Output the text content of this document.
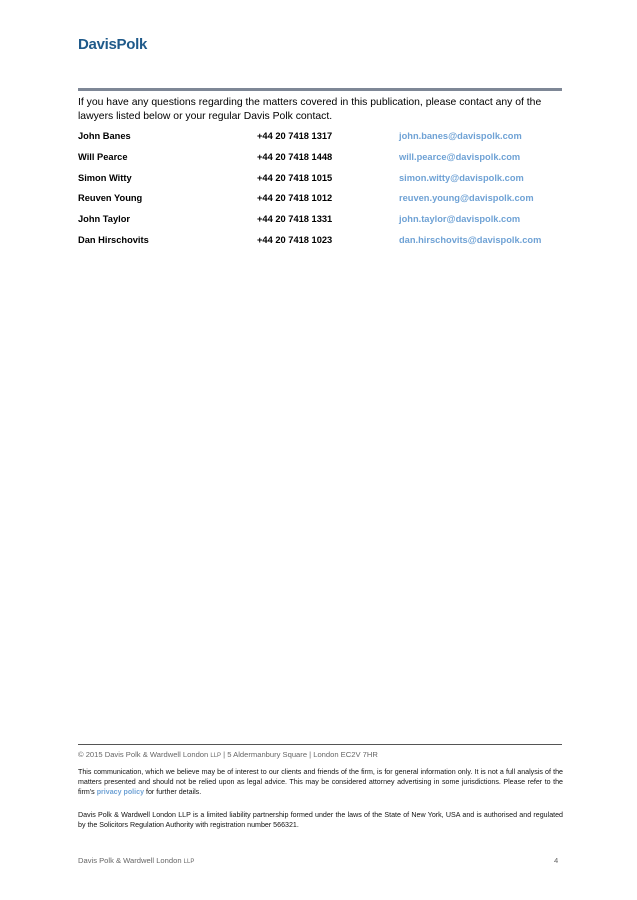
DavisPolk
If you have any questions regarding the matters covered in this publication, please contact any of the lawyers listed below or your regular Davis Polk contact.
John Banes	+44 20 7418 1317	john.banes@davispolk.com
Will Pearce	+44 20 7418 1448	will.pearce@davispolk.com
Simon Witty	+44 20 7418 1015	simon.witty@davispolk.com
Reuven Young	+44 20 7418 1012	reuven.young@davispolk.com
John Taylor	+44 20 7418 1331	john.taylor@davispolk.com
Dan Hirschovits	+44 20 7418 1023	dan.hirschovits@davispolk.com
© 2015 Davis Polk & Wardwell London LLP | 5 Aldermanbury Square | London EC2V 7HR
This communication, which we believe may be of interest to our clients and friends of the firm, is for general information only. It is not a full analysis of the matters presented and should not be relied upon as legal advice. This may be considered attorney advertising in some jurisdictions. Please refer to the firm's privacy policy for further details.
Davis Polk & Wardwell London LLP is a limited liability partnership formed under the laws of the State of New York, USA and is authorised and regulated by the Solicitors Regulation Authority with registration number 566321.
Davis Polk & Wardwell London LLP	4
